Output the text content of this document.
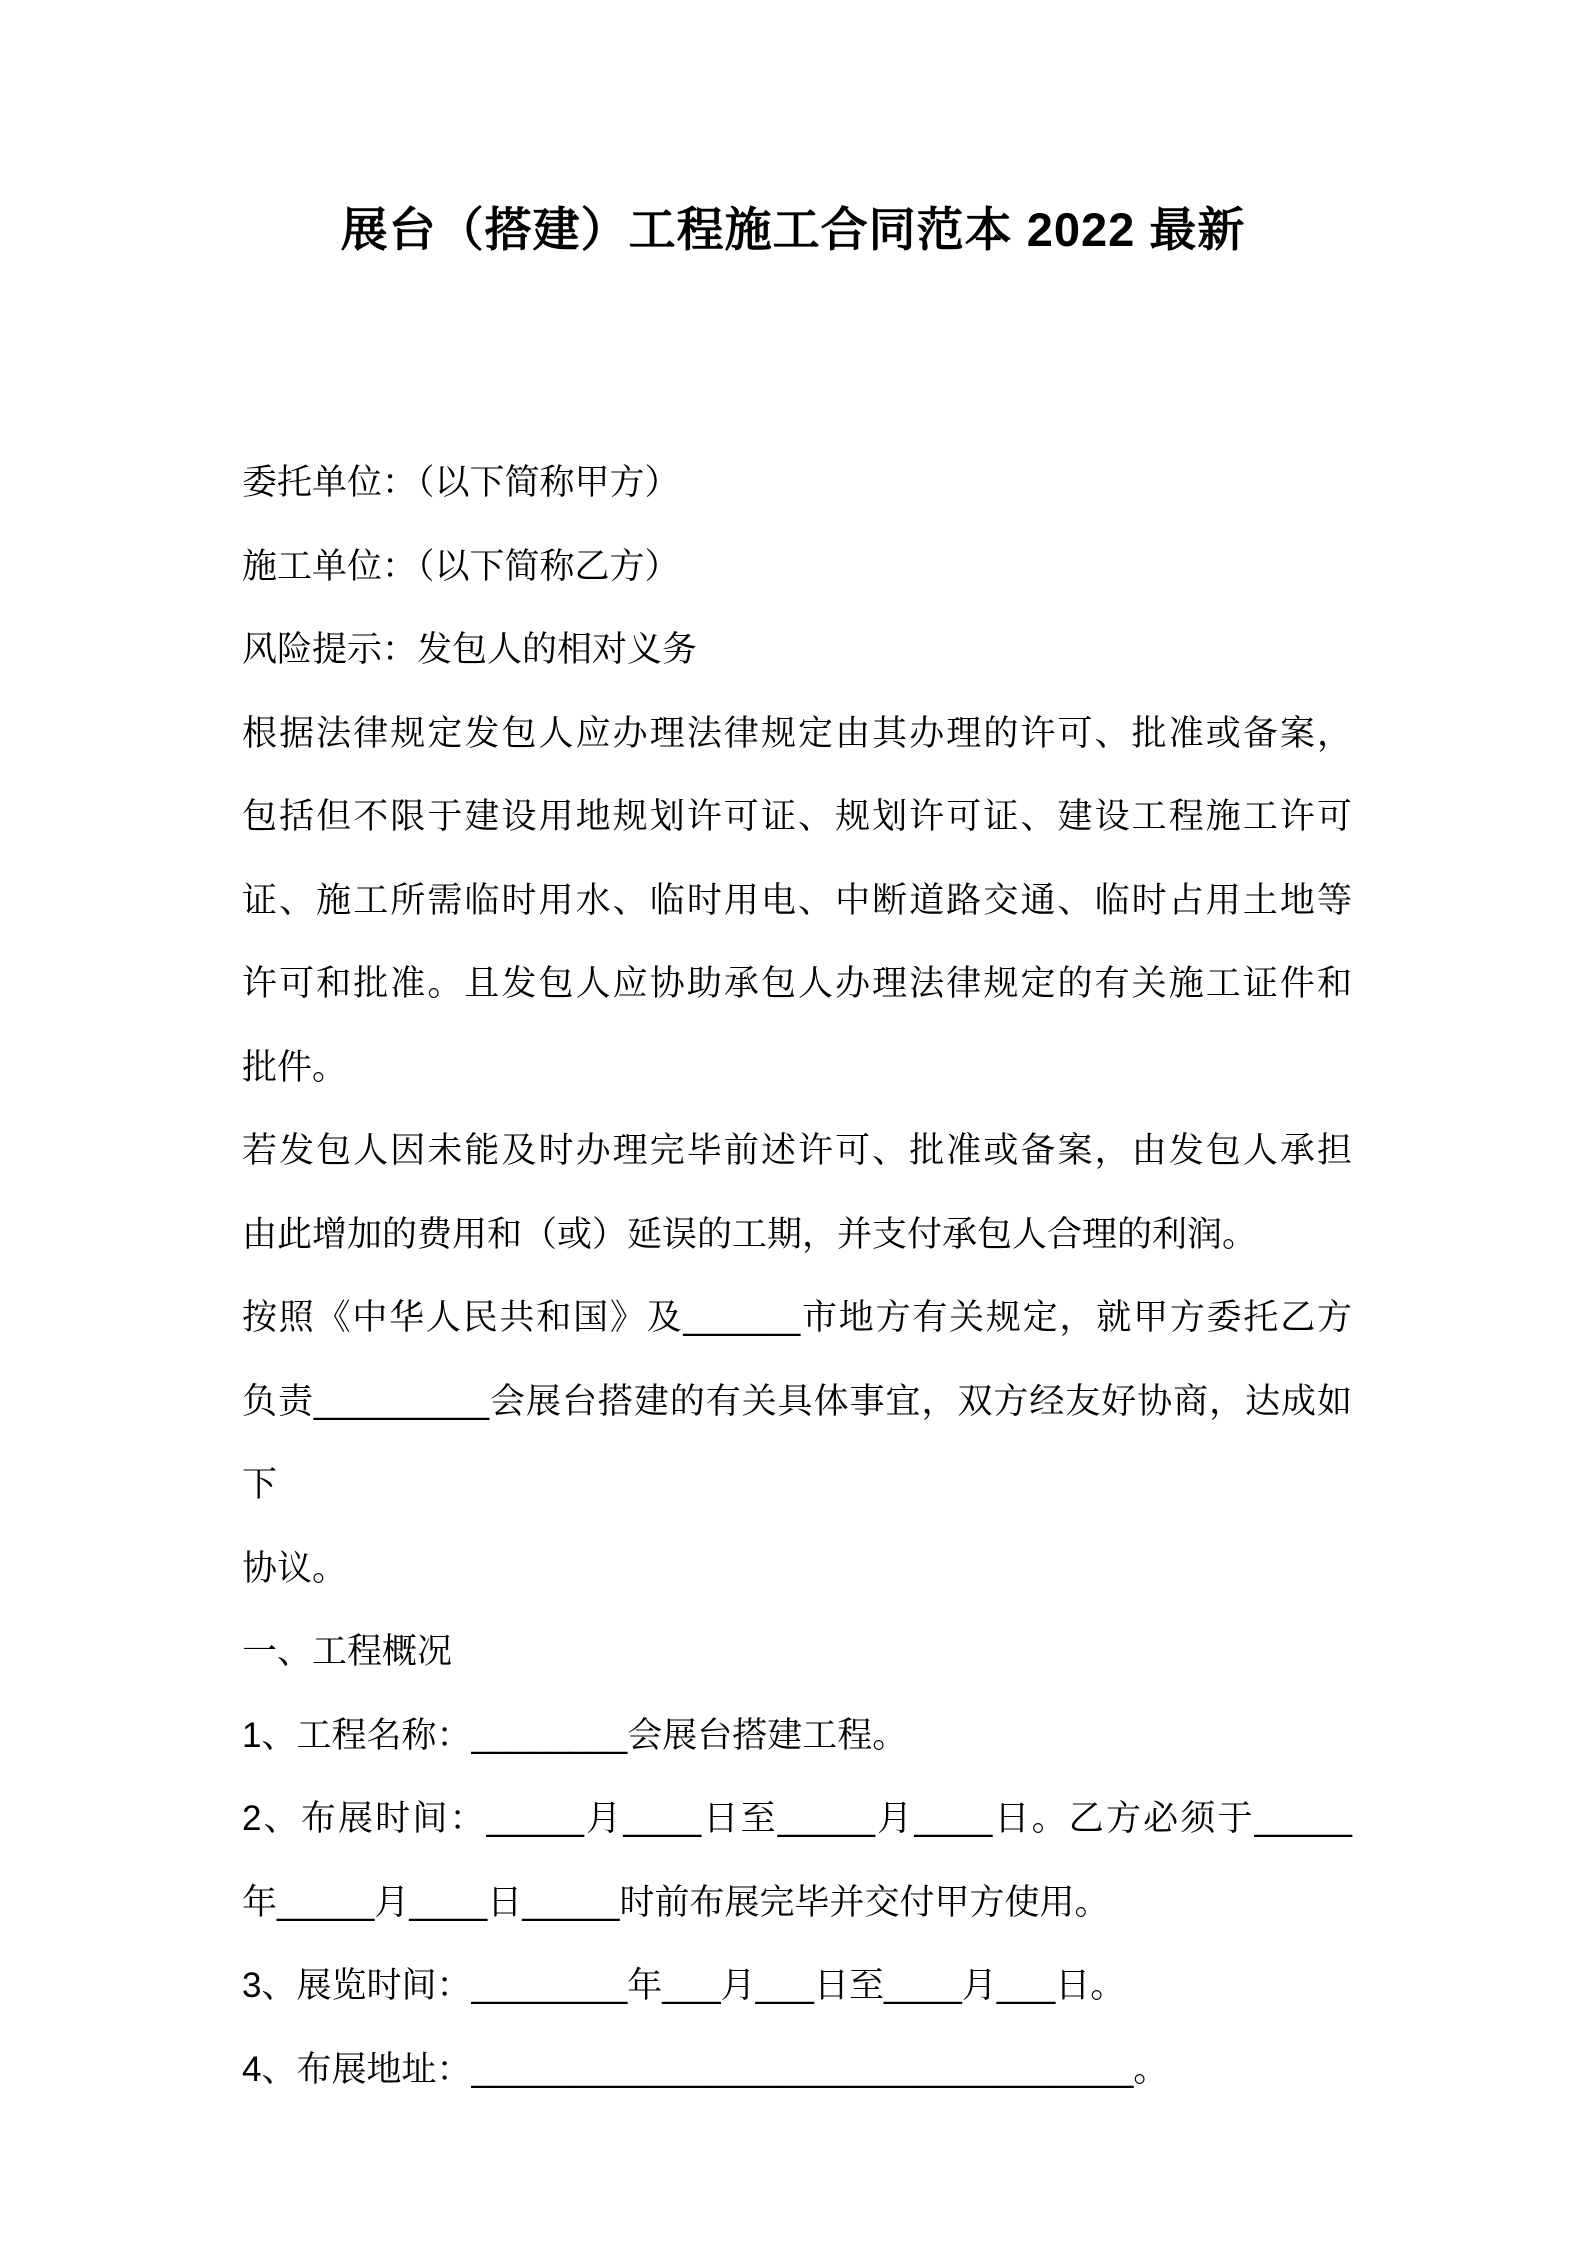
展台（搭建）工程施工合同范本 2022 最新
委托单位：（以下简称甲方）
施工单位：（以下简称乙方）
风险提示：发包人的相对义务
根据法律规定发包人应办理法律规定由其办理的许可、批准或备案，
包括但不限于建设用地规划许可证、规划许可证、建设工程施工许可
证、施工所需临时用水、临时用电、中断道路交通、临时占用土地等
许可和批准。且发包人应协助承包人办理法律规定的有关施工证件和
批件。
若发包人因未能及时办理完毕前述许可、批准或备案，由发包人承担
由此增加的费用和（或）延误的工期，并支付承包人合理的利润。
按照《中华人民共和国》及______市地方有关规定，就甲方委托乙方
负责_________会展台搭建的有关具体事宜，双方经友好协商，达成如下
协议。
一、工程概况
1、工程名称：________会展台搭建工程。
2、布展时间：_____月____日至_____月____日。乙方必须于_____
年_____月____日_____时前布展完毕并交付甲方使用。
3、展览时间：________年___月___日至____月___日。
4、布展地址：__________________________________。
